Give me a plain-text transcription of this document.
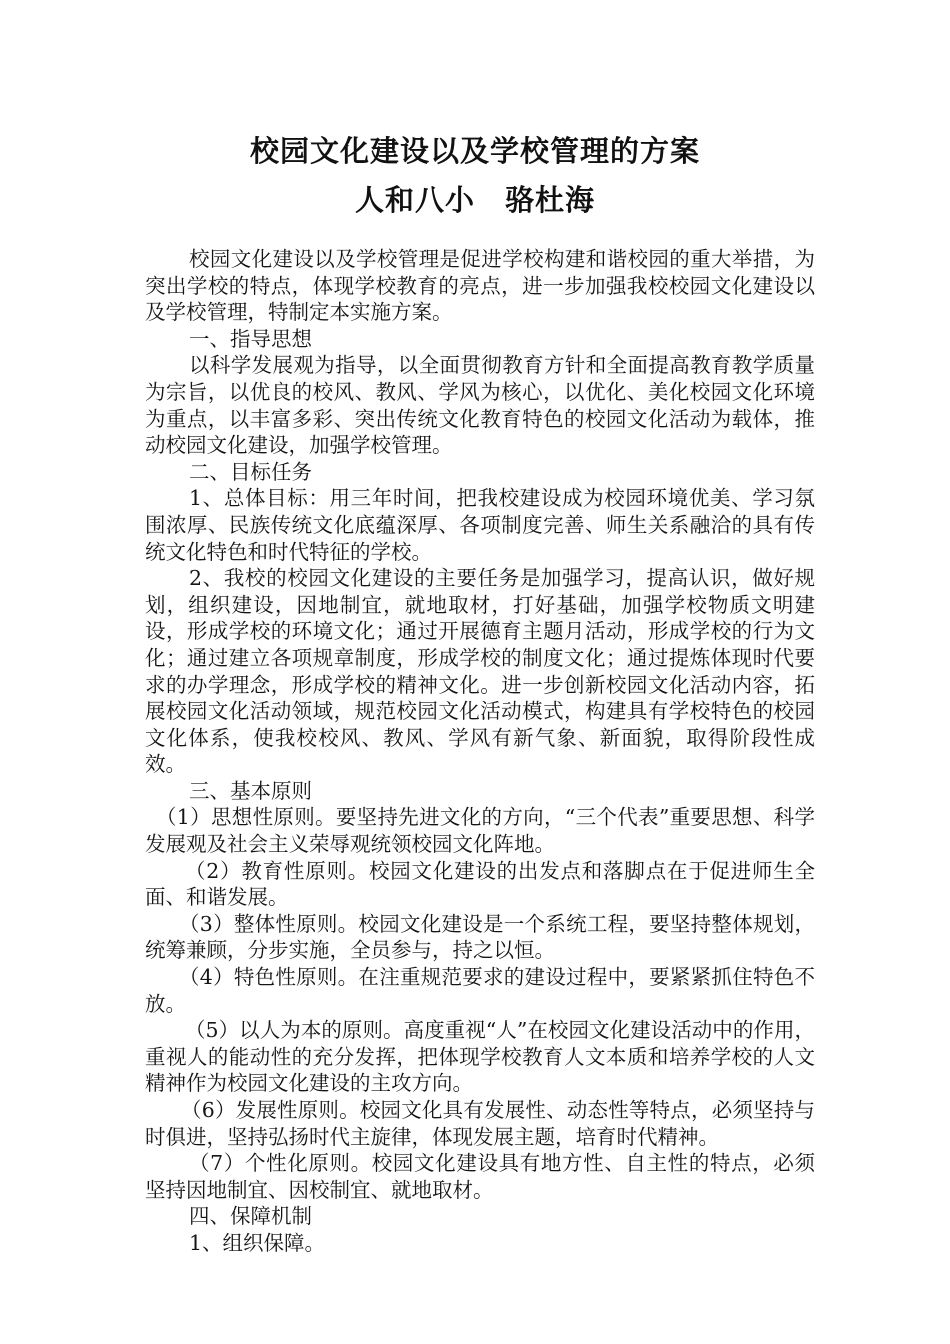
校园文化建设以及学校管理的方案
人和八小　骆杜海

校园文化建设以及学校管理是促进学校构建和谐校园的重大举措，为突出学校的特点，体现学校教育的亮点，进一步加强我校校园文化建设以及学校管理，特制定本实施方案。

一、指导思想

以科学发展观为指导，以全面贯彻教育方针和全面提高教育教学质量为宗旨，以优良的校风、教风、学风为核心，以优化、美化校园文化环境为重点，以丰富多彩、突出传统文化教育特色的校园文化活动为载体，推动校园文化建设，加强学校管理。

二、目标任务

1、总体目标：用三年时间，把我校建设成为校园环境优美、学习氛围浓厚、民族传统文化底蕴深厚、各项制度完善、师生关系融洽的具有传统文化特色和时代特征的学校。

2、我校的校园文化建设的主要任务是加强学习，提高认识，做好规划，组织建设，因地制宜，就地取材，打好基础，加强学校物质文明建设，形成学校的环境文化；通过开展德育主题月活动，形成学校的行为文化；通过建立各项规章制度，形成学校的制度文化；通过提炼体现时代要求的办学理念，形成学校的精神文化。进一步创新校园文化活动内容，拓展校园文化活动领域，规范校园文化活动模式，构建具有学校特色的校园文化体系，使我校校风、教风、学风有新气象、新面貌，取得阶段性成效。

三、基本原则

（1）思想性原则。要坚持先进文化的方向，“三个代表”重要思想、科学发展观及社会主义荣辱观统领校园文化阵地。

（2）教育性原则。校园文化建设的出发点和落脚点在于促进师生全面、和谐发展。

（3）整体性原则。校园文化建设是一个系统工程，要坚持整体规划，统筹兼顾，分步实施，全员参与，持之以恒。

（4）特色性原则。在注重规范要求的建设过程中，要紧紧抓住特色不放。

（5）以人为本的原则。高度重视“人”在校园文化建设活动中的作用，重视人的能动性的充分发挥，把体现学校教育人文本质和培养学校的人文精神作为校园文化建设的主攻方向。

（6）发展性原则。校园文化具有发展性、动态性等特点，必须坚持与时俱进，坚持弘扬时代主旋律，体现发展主题，培育时代精神。

（7）个性化原则。校园文化建设具有地方性、自主性的特点，必须坚持因地制宜、因校制宜、就地取材。

四、保障机制

1、组织保障。
